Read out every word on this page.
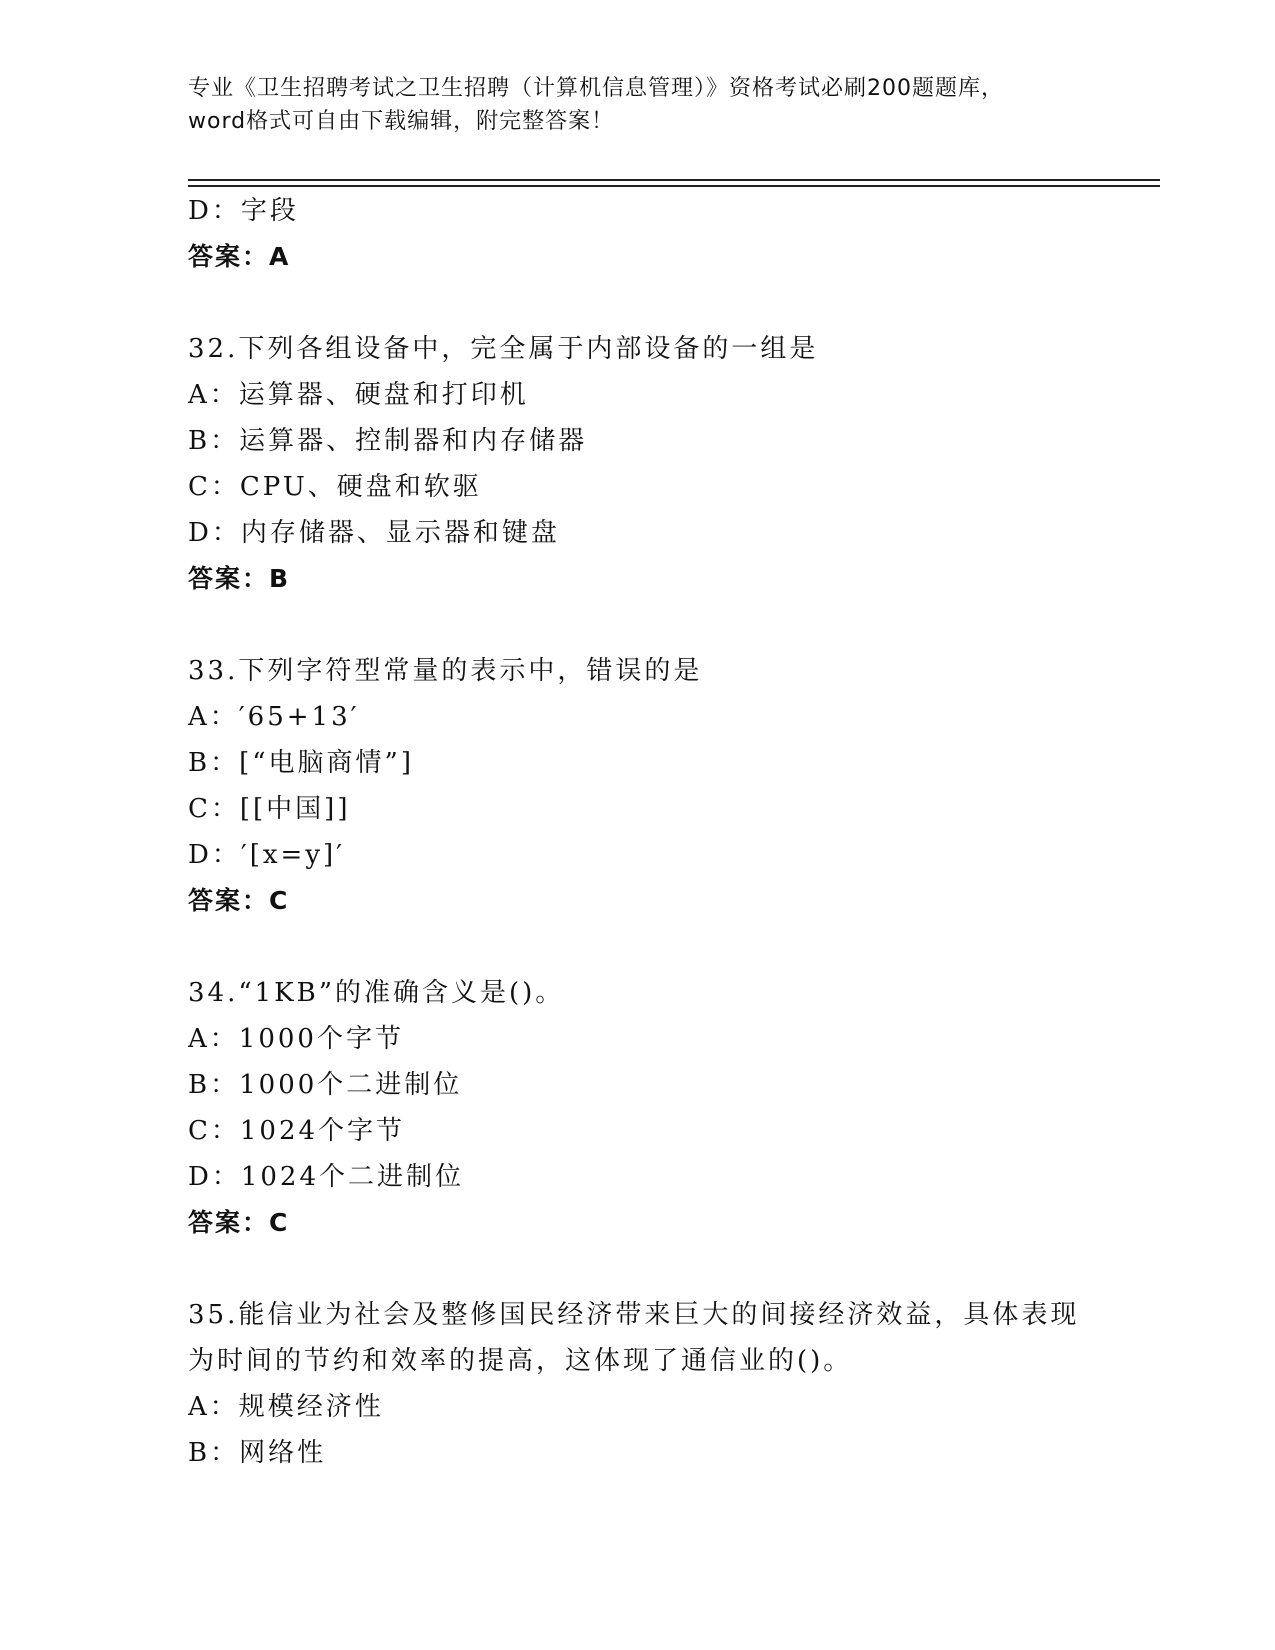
专业《卫生招聘考试之卫生招聘（计算机信息管理）》资格考试必刷200题题库，
word格式可自由下载编辑，附完整答案！
D：字段
答案：A
32.下列各组设备中，完全属于内部设备的一组是
A：运算器、硬盘和打印机
B：运算器、控制器和内存储器
C：CPU、硬盘和软驱
D：内存储器、显示器和键盘
答案：B
33.下列字符型常量的表示中，错误的是
A：′65+13′
B：[“电脑商情”]
C：[[中国]]
D：′[x=y]′
答案：C
34.“1KB”的准确含义是()。
A：1000个字节
B：1000个二进制位
C：1024个字节
D：1024个二进制位
答案：C
35.能信业为社会及整修国民经济带来巨大的间接经济效益，具体表现
为时间的节约和效率的提高，这体现了通信业的()。
A：规模经济性
B：网络性
